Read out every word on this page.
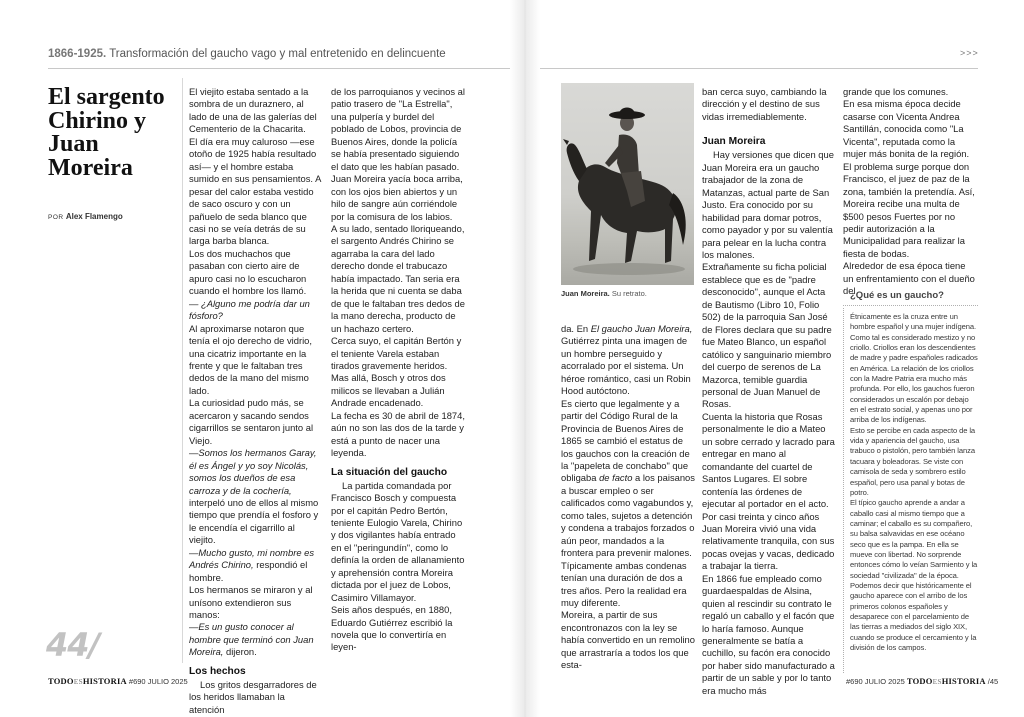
1866-1925. Transformación del gaucho vago y mal entretenido en delincuente	>>>
El sargento Chirino y Juan Moreira
POR Alex Flamengo

El viejito estaba sentado a la sombra de un duraznero, al lado de una de las galerías del Cementerio de la Chacarita.

El día era muy caluroso —ese otoño de 1925 había resultado así— y el hombre estaba sumido en sus pensamientos. A pesar del calor estaba vestido de saco oscuro y con un pañuelo de seda blanco que casi no se veía detrás de su larga barba blanca.

Los dos muchachos que pasaban con cierto aire de apuro casi no lo escucharon cuando el hombre los llamó.

— ¿Alguno me podría dar un fósforo?

Al aproximarse notaron que tenía el ojo derecho de vidrio, una cicatriz importante en la frente y que le faltaban tres dedos de la mano del mismo lado.

La curiosidad pudo más, se acercaron y sacando sendos cigarrillos se sentaron junto al Viejo.

—Somos los hermanos Garay, él es Ángel y yo soy Nicolás, somos los dueños de esa carroza y de la cochería, interpeló uno de ellos al mismo tiempo que prendía el fosforo y le encendía el cigarrillo al viejito.

—Mucho gusto, mi nombre es Andrés Chirino, respondió el hombre.

Los hermanos se miraron y al unísono extendieron sus manos:

—Es un gusto conocer al hombre que terminó con Juan Moreira, dijeron.

Los hechos

Los gritos desgarradores de los heridos llamaban la atención

de los parroquianos y vecinos al patio trasero de "La Estrella", una pulpería y burdel del poblado de Lobos, provincia de Buenos Aires, donde la policía se había presentado siguiendo el dato que les habían pasado.

Juan Moreira yacía boca arriba, con los ojos bien abiertos y un hilo de sangre aún corriéndole por la comisura de los labios.

A su lado, sentado lloriqueando, el sargento Andrés Chirino se agarraba la cara del lado derecho donde el trabucazo había impactado. Tan seria era la herida que ni cuenta se daba de que le faltaban tres dedos de la mano derecha, producto de un hachazo certero.

Cerca suyo, el capitán Bertón y el teniente Varela estaban tirados gravemente heridos.

Mas allá, Bosch y otros dos milicos se llevaban a Julián Andrade encadenado.

La fecha es 30 de abril de 1874, aún no son las dos de la tarde y está a punto de nacer una leyenda.

La situación del gaucho

La partida comandada por Francisco Bosch y compuesta por el capitán Pedro Bertón, teniente Eulogio Varela, Chirino y dos vigilantes había entrado en el "peringundín", como lo definía la orden de allanamiento y aprehensión contra Moreira dictada por el juez de Lobos, Casimiro Villamayor.

Seis años después, en 1880, Eduardo Gutiérrez escribió la novela que lo convertiría en leyen-

44/
TODOESHISTORIA #690 JULIO 2025
Juan Moreira. Su retrato.

da. En El gaucho Juan Moreira, Gutiérrez pinta una imagen de un hombre perseguido y acorralado por el sistema. Un héroe romántico, casi un Robin Hood autóctono.

Es cierto que legalmente y a partir del Código Rural de la Provincia de Buenos Aires de 1865 se cambió el estatus de los gauchos con la creación de la "papeleta de conchabo" que obligaba de facto a los paisanos a buscar empleo o ser calificados como vagabundos y, como tales, sujetos a detención y condena a trabajos forzados o aún peor, mandados a la frontera para prevenir malones. Típicamente ambas condenas tenían una duración de dos a tres años. Pero la realidad era muy diferente.

Moreira, a partir de sus encontronazos con la ley se había convertido en un remolino que arrastraría a todos los que esta-

ban cerca suyo, cambiando la dirección y el destino de sus vidas irremediablemente.

Juan Moreira

Hay versiones que dicen que Juan Moreira era un gaucho trabajador de la zona de Matanzas, actual parte de San Justo. Era conocido por su habilidad para domar potros, como payador y por su valentía para pelear en la lucha contra los malones.

Extrañamente su ficha policial establece que es de "padre desconocido", aunque el Acta de Bautismo (Libro 10, Folio 502) de la parroquia San José de Flores declara que su padre fue Mateo Blanco, un español católico y sanguinario miembro del cuerpo de serenos de La Mazorca, temible guardia personal de Juan Manuel de Rosas.

Cuenta la historia que Rosas personalmente le dio a Mateo un sobre cerrado y lacrado para entregar en mano al comandante del cuartel de Santos Lugares. El sobre contenía las órdenes de ejecutar al portador en el acto.

Por casi treinta y cinco años Juan Moreira vivió una vida relativamente tranquila, con sus pocas ovejas y vacas, dedicado a trabajar la tierra.

En 1866 fue empleado como guardaespaldas de Alsina, quien al rescindir su contrato le regaló un caballo y el facón que lo haría famoso. Aunque generalmente se batía a cuchillo, su facón era conocido por haber sido manufacturado a partir de un sable y por lo tanto era mucho más

grande que los comunes.

En esa misma época decide casarse con Vicenta Andrea Santillán, conocida como "La Vicenta", reputada como la mujer más bonita de la región. El problema surge porque don Francisco, el juez de paz de la zona, también la pretendía. Así, Moreira recibe una multa de $500 pesos Fuertes por no pedir autorización a la Municipalidad para realizar la fiesta de bodas.

Alrededor de esa época tiene un enfrentamiento con el dueño del

¿Qué es un gaucho?

Étnicamente es la cruza entre un hombre español y una mujer indígena. Como tal es considerado mestizo y no criollo. Criollos eran los descendientes de madre y padre españoles radicados en América. La relación de los criollos con la Madre Patria era mucho más profunda. Por ello, los gauchos fueron considerados un escalón por debajo en el estrato social, y apenas uno por arriba de los indígenas.

Esto se percibe en cada aspecto de la vida y apariencia del gaucho, usa trabuco o pistolón, pero también lanza tacuara y boleadoras. Se viste con camisola de seda y sombrero estilo español, pero usa panal y botas de potro.

El típico gaucho aprende a andar a caballo casi al mismo tiempo que a caminar; el caballo es su compañero, su balsa salvavidas en ese océano seco que es la pampa. En ella se mueve con libertad. No sorprende entonces cómo lo veían Sarmiento y la sociedad "civilizada" de la época.

Podemos decir que históricamente el gaucho aparece con el arribo de los primeros colonos españoles y desaparece con el parcelamiento de las tierras a mediados del siglo XIX, cuando se produce el cercamiento y la división de los campos.

#690 JULIO 2025 TODOESHISTORIA /45
